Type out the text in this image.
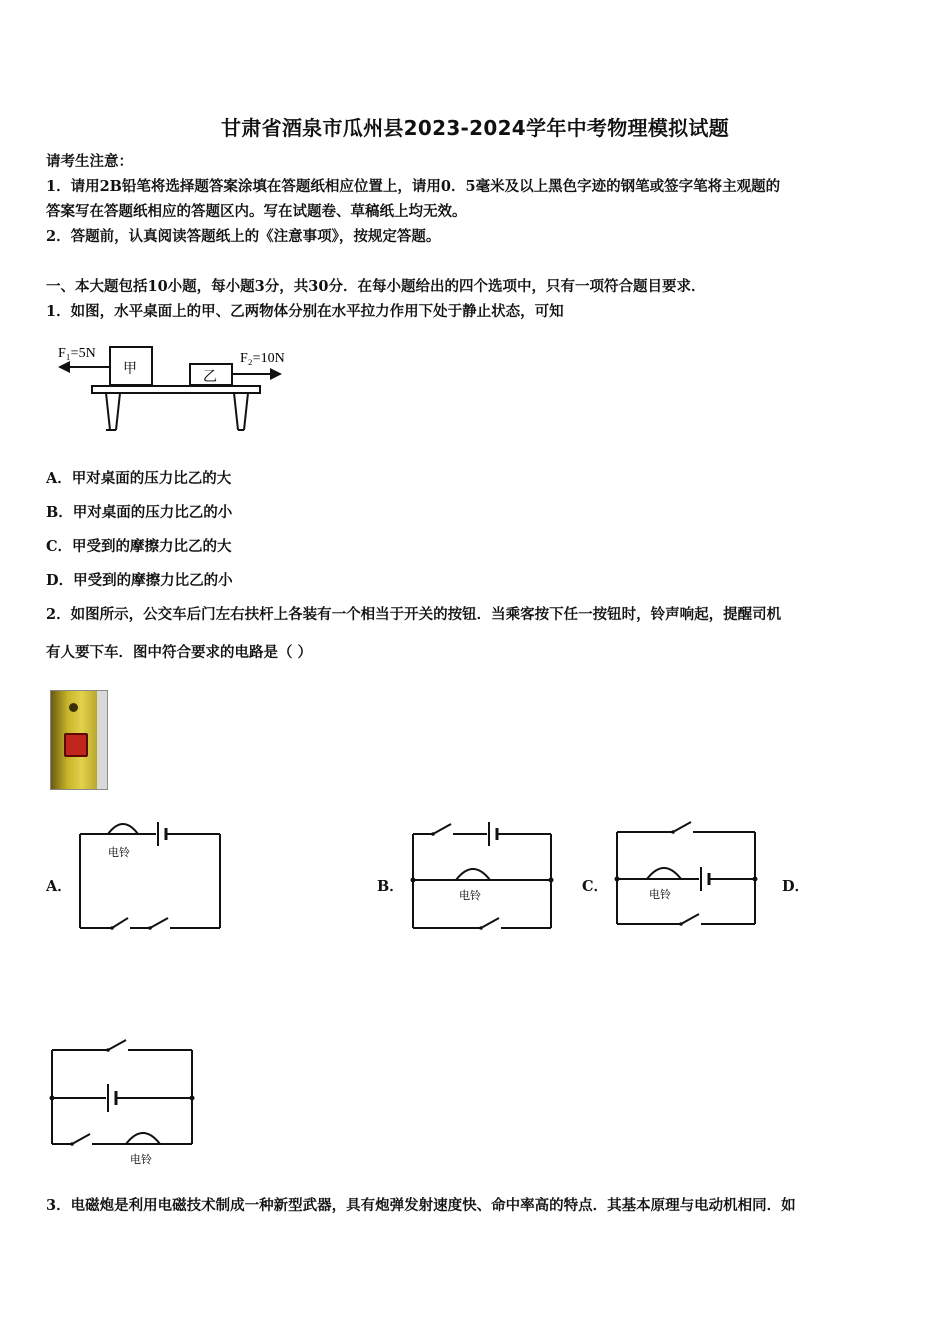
甘肃省酒泉市瓜州县2023-2024学年中考物理模拟试题
请考生注意：
1．请用2B铅笔将选择题答案涂填在答题纸相应位置上，请用0．5毫米及以上黑色字迹的钢笔或签字笔将主观题的
答案写在答题纸相应的答题区内。写在试题卷、草稿纸上均无效。
2．答题前，认真阅读答题纸上的《注意事项》，按规定答题。
一、本大题包括10小题，每小题3分，共30分．在每小题给出的四个选项中，只有一项符合题目要求．
1．如图，水平桌面上的甲、乙两物体分别在水平拉力作用下处于静止状态，可知
F₁=5N	F₂=10N
甲
乙
A．甲对桌面的压力比乙的大
B．甲对桌面的压力比乙的小
C．甲受到的摩擦力比乙的大
D．甲受到的摩擦力比乙的小
2．如图所示，公交车后门左右扶杆上各装有一个相当于开关的按钮．当乘客按下任一按钮时，铃声响起，提醒司机
有人要下车．图中符合要求的电路是（ ）
A．	B．	C．	D．
电铃
电铃	电铃
电铃
3．电磁炮是利用电磁技术制成一种新型武器，具有炮弹发射速度快、命中率高的特点．其基本原理与电动机相同．如
